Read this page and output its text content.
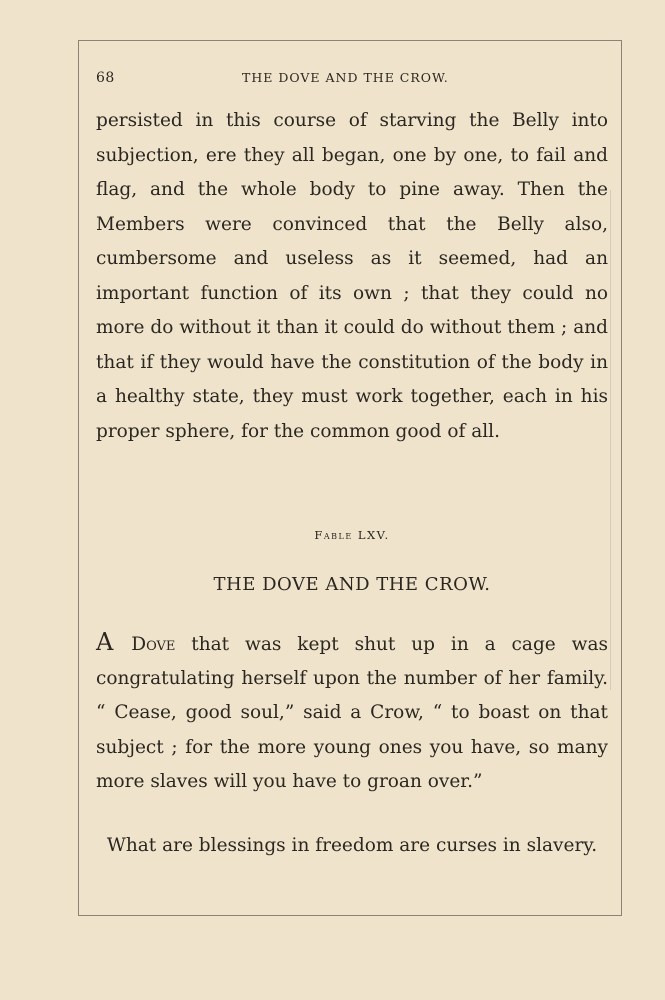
68	THE DOVE AND THE CROW.

persisted in this course of starving the Belly into subjection, ere they all began, one by one, to fail and flag, and the whole body to pine away. Then the Members were convinced that the Belly also, cumbersome and useless as it seemed, had an important function of its own ; that they could no more do without it than it could do without them ; and that if they would have the constitution of the body in a healthy state, they must work together, each in his proper sphere, for the common good of all.

Fable LXV.
THE DOVE AND THE CROW.

A Dove that was kept shut up in a cage was congratulating herself upon the number of her family. “ Cease, good soul,” said a Crow, “ to boast on that subject ; for the more young ones you have, so many more slaves will you have to groan over.”

What are blessings in freedom are curses in slavery.
